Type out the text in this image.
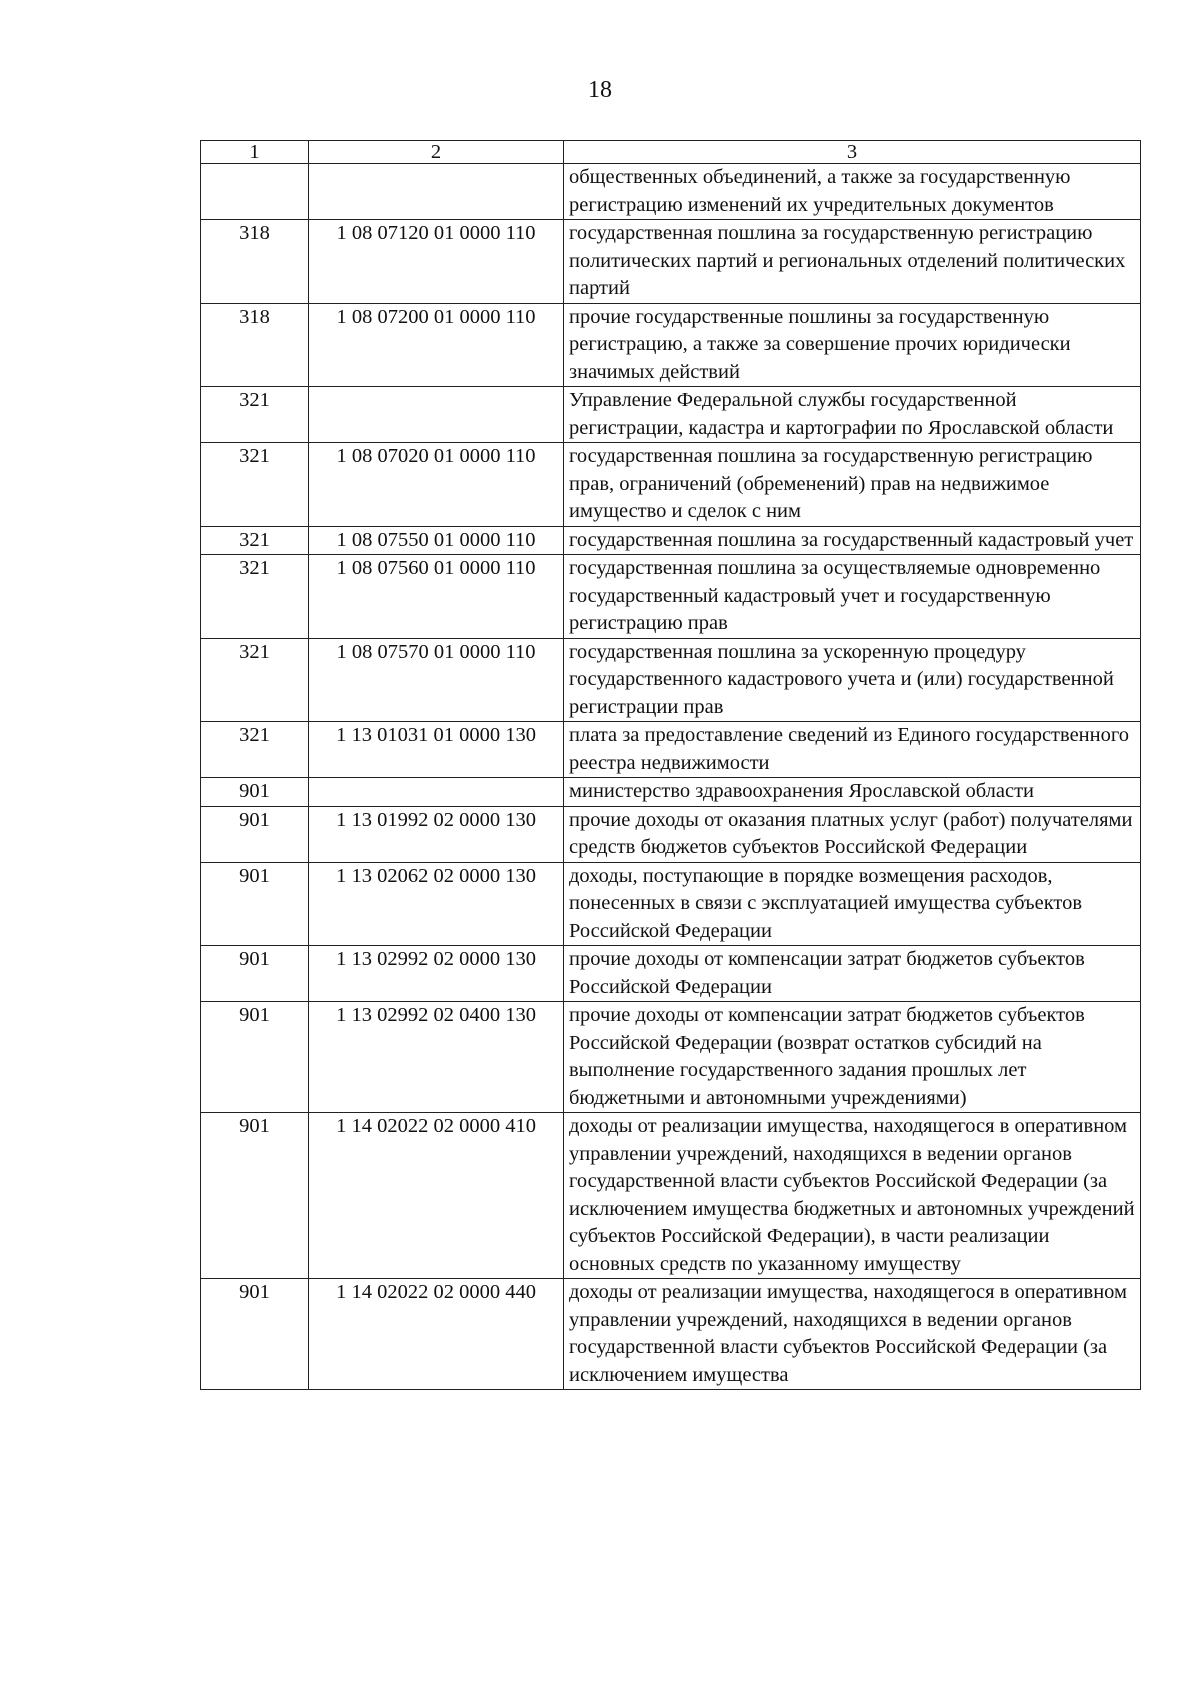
18
1	2	3
		общественных объединений, а также за государственную регистрацию изменений их учредительных документов
318	1 08 07120 01 0000 110	государственная пошлина за государственную регистрацию политических партий и региональных отделений политических партий
318	1 08 07200 01 0000 110	прочие государственные пошлины за государственную регистрацию, а также за совершение прочих юридически значимых действий
321		Управление Федеральной службы государственной регистрации, кадастра и картографии по Ярославской области
321	1 08 07020 01 0000 110	государственная пошлина за государственную регистрацию прав, ограничений (обременений) прав на недвижимое имущество и сделок с ним
321	1 08 07550 01 0000 110	государственная пошлина за государственный кадастровый учет
321	1 08 07560 01 0000 110	государственная пошлина за осуществляемые одновременно государственный кадастровый учет и государственную регистрацию прав
321	1 08 07570 01 0000 110	государственная пошлина за ускоренную процедуру государственного кадастрового учета и (или) государственной регистрации прав
321	1 13 01031 01 0000 130	плата за предоставление сведений из Единого государственного реестра недвижимости
901		министерство здравоохранения Ярославской области
901	1 13 01992 02 0000 130	прочие доходы от оказания платных услуг (работ) получателями средств бюджетов субъектов Российской Федерации
901	1 13 02062 02 0000 130	доходы, поступающие в порядке возмещения расходов, понесенных в связи с эксплуатацией имущества субъектов Российской Федерации
901	1 13 02992 02 0000 130	прочие доходы от компенсации затрат бюджетов субъектов Российской Федерации
901	1 13 02992 02 0400 130	прочие доходы от компенсации затрат бюджетов субъектов Российской Федерации (возврат остатков субсидий на выполнение государственного задания прошлых лет бюджетными и автономными учреждениями)
901	1 14 02022 02 0000 410	доходы от реализации имущества, находящегося в оперативном управлении учреждений, находящихся в ведении органов государственной власти субъектов Российской Федерации (за исключением имущества бюджетных и автономных учреждений субъектов Российской Федерации), в части реализации основных средств по указанному имуществу
901	1 14 02022 02 0000 440	доходы от реализации имущества, находящегося в оперативном управлении учреждений, находящихся в ведении органов государственной власти субъектов Российской Федерации (за исключением имущества
